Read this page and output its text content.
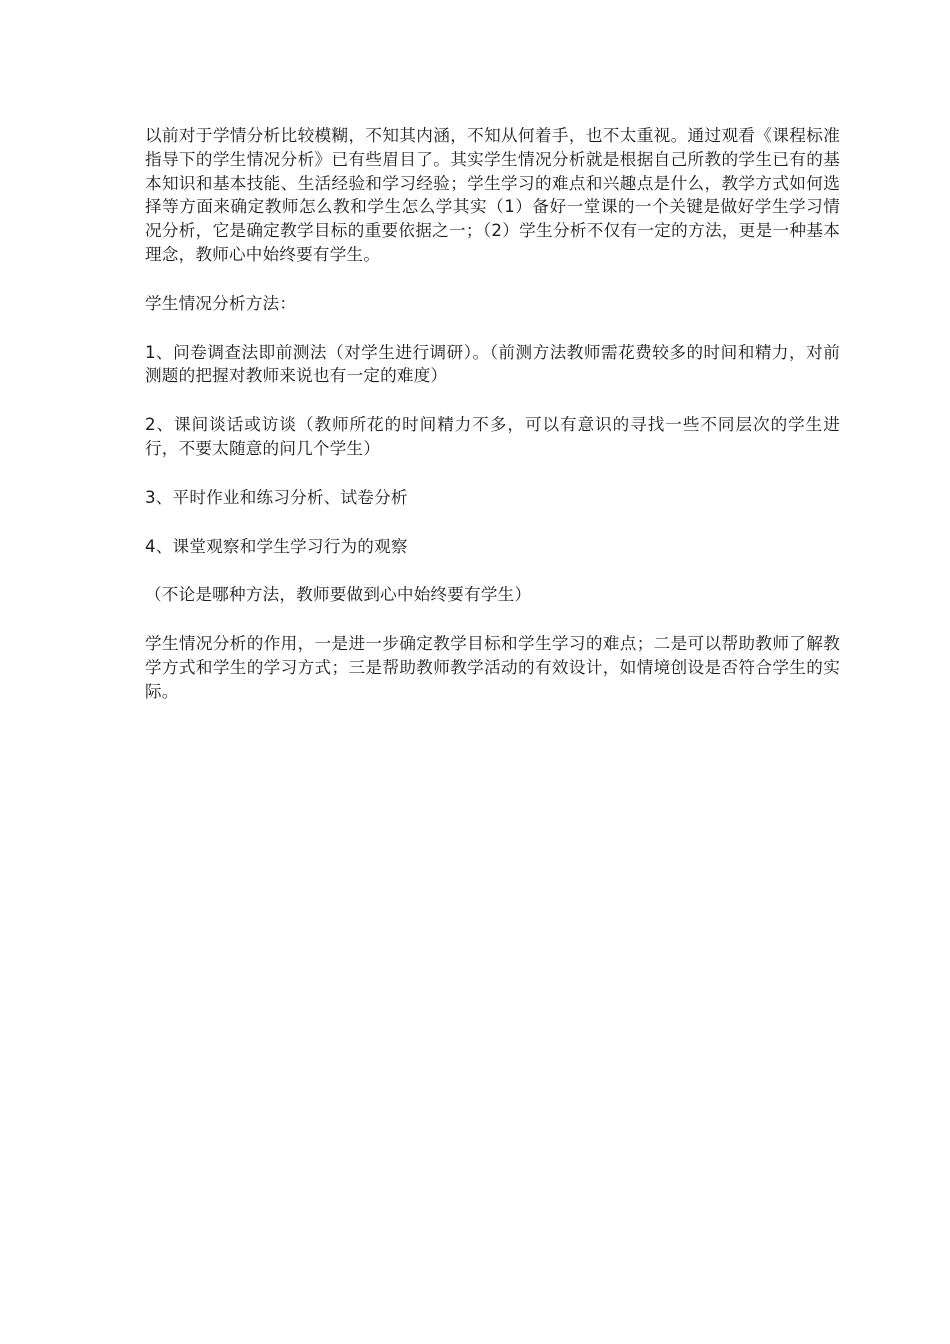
以前对于学情分析比较模糊，不知其内涵，不知从何着手，也不太重视。通过观看《课程标准指导下的学生情况分析》已有些眉目了。其实学生情况分析就是根据自己所教的学生已有的基本知识和基本技能、生活经验和学习经验；学生学习的难点和兴趣点是什么，教学方式如何选择等方面来确定教师怎么教和学生怎么学其实（1）备好一堂课的一个关键是做好学生学习情况分析，它是确定教学目标的重要依据之一；（2）学生分析不仅有一定的方法，更是一种基本理念，教师心中始终要有学生。

学生情况分析方法：

1、问卷调查法即前测法（对学生进行调研）。（前测方法教师需花费较多的时间和精力，对前测题的把握对教师来说也有一定的难度）

2、课间谈话或访谈（教师所花的时间精力不多，可以有意识的寻找一些不同层次的学生进行，不要太随意的问几个学生）

3、平时作业和练习分析、试卷分析

4、课堂观察和学生学习行为的观察

（不论是哪种方法，教师要做到心中始终要有学生）

学生情况分析的作用，一是进一步确定教学目标和学生学习的难点；二是可以帮助教师了解教学方式和学生的学习方式；三是帮助教师教学活动的有效设计，如情境创设是否符合学生的实际。
